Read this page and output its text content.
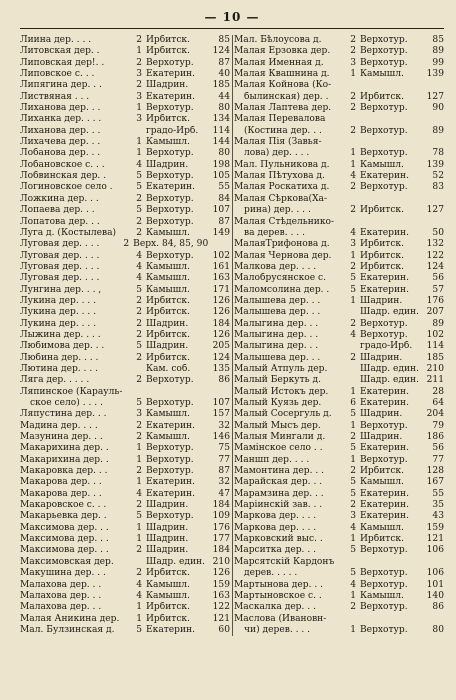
— 10 —
Лиина дер. . . .	2 Ирбитск.	85
Литовская дер. .	1 Ирбитск.	124
Липовская дер!. .	2 Верхотур.	87
Липовское с. . .	3 Екатерин.	40
Липягина дер. . .	2 Шадрин.	185
Листвяная . . .	3 Екатерин.	44
Лиханова дер. . .	1 Верхотур.	80
Лиханка дер. . . .	3 Ирбитск.	134
Лиханова дер. . .	градо-Ирб.	114
Лихачева дер. . .	1 Камышл.	144
Лобанова дер. . .	1 Верхотур.	80
Лобановское с. . .	4 Шадрин.	198
Лобвинская дер. .	5 Верхотур.	105
Логиновское село .	5 Екатерин.	55
Ложкина дер. . .	2 Верхотур.	84
Лопаева дер. . .	5 Верхотур.	107
Лопатова дер. . .	2 Верхотур.	87
Луга д. (Костылева)	2 Камышл.	149
Луговая дер. . . .	2 Верх. 84, 85, 90
Луговая дер. . . .	4 Верхотур.	102
Луговая дер. . . .	4 Камышл.	161
Луговая дер. . . .	4 Камышл.	163
Лунгина дер. . . ,	5 Камышл.	171
Лукина дер. . . .	2 Ирбитск.	126
Лукина дер. . . .	2 Ирбитск.	126
Лукина дер. . . .	2 Шадрин.	184
Лыжина дер. . . .	2 Ирбитск.	126
Любимова дер. . .	5 Шадрин.	205
Любина дер. . . .	2 Ирбитск.	124
Лютина дер. . . .	Кам. соб.	135
Ляга дер. . . . .	2 Верхотур.	86
Ляпинское (Карауль-
ское село) . . . .	5 Верхотур.	107
Ляпустина дер. . .	3 Камышл.	157
Мадина дер. . . .	2 Екатерин.	32
Мазунина дер. . .	2 Камышл.	146
Макарихина дер. .	1 Верхотур.	75
Макарихина дер. .	1 Верхотур.	77
Макаровка дер. . .	2 Верхотур.	87
Макарова дер. . .	1 Екатерин.	32
Макарова дер. . .	4 Екатерин.	47
Макаровское с. . .	2 Шадрин.	184
Макарьевка дер. .	5 Верхотур.	109
Максимова дер. . .	1 Шадрин.	176
Максимова дер. . .	1 Шадрин.	177
Максимова дер. . .	2 Шадрин.	184
Максимовская дер.	Шадр. един. 210
Макушина дер. . .	2 Ирбитск.	126
Малахова дер. . .	4 Камышл.	159
Малахова дер. . .	4 Камышл.	163
Малахова дер. . .	1 Ирбитск.	122
Малая Аникина дер.	1 Ирбитск.	121
Мал. Булзинская д.	5 Екатерин.	60
Мал. Бѣлоусова д.	2 Верхотур.	85
Малая Ерзовка дер.	2 Верхотур.	89
Малая Именная д.	3 Верхотур.	99
Малая Квашнина д.	1 Камышл.	139
Малая Койнова (Ко-
былинская) дер. .	2 Ирбитск.	127
Малая Лаптева дер.	2 Верхотур.	90
Малая Перевалова
(Костина дер. . .	2 Верхотур.	89
Малая Пія (Завья-
лова) дер. . . .	1 Верхотур.	78
Мал. Пульникова д.	1 Камышл.	139
Малая Пѣтухова д.	4 Екатерин.	52
Малая Роскатиха д.	2 Верхотур.	83
Малая Сѣркова(Ха-
рина) дер. . . .	2 Ирбитск.	127
Малая Стѣдельнико-
ва дерев. . . .	4 Екатерин.	50
МалаяТрифонова д.	3 Ирбитск.	132
Малая Чернова дер.	1 Ирбитск.	122
Малкова дер. . . .	2 Ирбитск.	124
Малобрусянское с.	5 Екатерин.	56
Маломсолина дер. .	5 Екатерин.	57
Малышева дер. . .	1 Шадрин.	176
Малышева дер. . .	Шадр. един. 207
Малыгина дер. . .	2 Верхотур.	89
Малыгина дер. . .	4 Верхотур.	102
Малыгина дер. . .	градо-Ирб.	114
Малышева дер. . .	2 Шадрин.	185
Малый Атпуль дер.	Шадр. един. 210
Малый Беркуть д.	Шадр. един. 211
Малый Истокъ дер.	1 Екатерин.	28
Малый Куязь дер.	6 Екатерин.	64
Малый Сосергуль д.	5 Шадрин.	204
Малый Мысъ дер.	1 Верхотур.	79
Малыя Мингали д.	2 Шадрин.	186
Мамінское село . .	5 Екатерин.	56
Маншп дер. . . .	1 Верхотур.	77
Мамонтина дер. . .	2 Ирбитск.	128
Марайская дер. . .	5 Камышл.	167
Марамзина дер. . .	5 Екатерин.	55
Маріинскій зав. . .	2 Екатерин.	35
Маркова дер. . . .	3 Екатерин.	43
Маркова дер. . . .	4 Камышл.	159
Марковский выс. .	1 Ирбитск.	121
Марситка дер. . .	5 Верхотур.	106
Марсятскій Кардонъ
дерев. . . . .	5 Верхотур.	106
Мартынова дер. . .	4 Верхотур.	101
Мартыновское с. .	1 Камышл.	140
Маскалка дер. . .	2 Верхотур.	86
Маслова (Ивановн-
чи) дерев. . . .	1 Верхотур.	80
